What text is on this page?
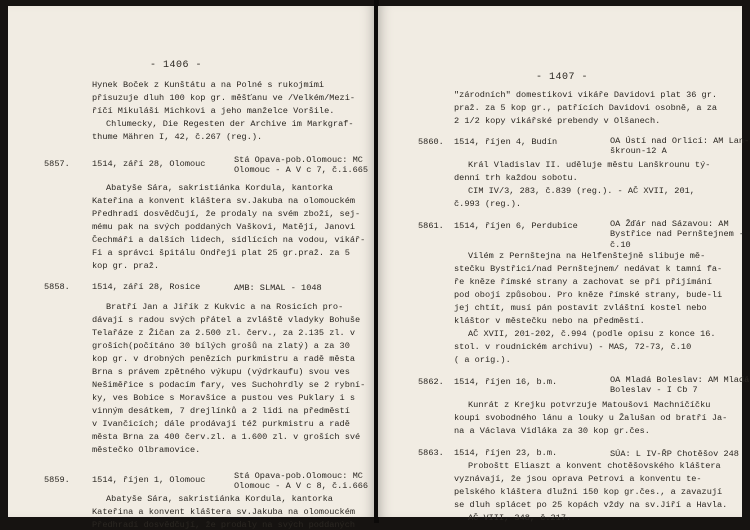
- 1406 -
Hynek Boček z Kunštátu a na Polné s rukojmími
přisuzuje dluh 100 kop gr. měšťanu ve /Velkém/Mezi-
říčí Mikuláši Michkovi a jeho manželce Voršile.
Chlumecky, Die Regesten der Archive im Markgraf-
thume Mähren I, 42, č.267 (reg.).
5857.	1514, září 28, Olomouc	Stá Opava-pob.Olomouc: MC
Olomouc - A V c 7, č.i.665
Abatyše Sára, sakristiánka Kordula, kantorka
Kateřina a konvent kláštera sv.Jakuba na olomouckém
Předhradí dosvědčují, že prodaly na svém zboží, sej-
mému pak na svých poddaných Vaškovi, Matějí, Janovi
Čechmáři a dalších lidech, sídlících na vodou, vikář-
Fi a správci špitálu Ondřeji plat 25 gr.praž. za 5
kop gr. praž.
5858.	1514, září 28, Rosice	AMB: SLMAL - 1048
Bratří Jan a Jiřík z Kukvic a na Rosicích pro-
dávají s radou svých přátel a zvláště vladyky Bohuše
Telařáze z Žičan za 2.500 zl. červ., za 2.135 zl. v
groších(počítáno 30 bílých grošů na zlatý) a za 30
kop gr. v drobných penězích purkmistru a radě města
Brna s právem zpětného výkupu (výdrkaufu) svou ves
Nešiměřice s podacím fary, ves Suchohrdly se 2 rybní-
ky, ves Bobice s Moravšice a pustou ves Puklary i s
vinným desátkem, 7 drejlínků a 2 lidi na předměstí
v Ivančicích; dále prodávají též purkmistru a radě
města Brna za 400 červ.zl. a 1.600 zl. v groších své
městečko Olbramovice.
5859.	1514, říjen 1, Olomouc	Stá Opava-pob.Olomouc: MC
Olomouc - A V c 8, č.i.666
Abatyše Sára, sakristiánka Kordula, kantorka
Kateřina a konvent kláštera sv.Jakuba na olomouckém
Předhradí dosvědčují, že prodaly na svých poddaných
- 1407 -
"zárodních" domestikovi vikáře Davidovi plat 36 gr.
praž. za 5 kop gr., patřících Davidovi osobně, a za
2 1/2 kopy vikářské prebendy v Olšanech.
5860. 1514, říjen 4, Budín	OA Ústí nad Orlicí: AM Lan-
škroun-12 A
Král Vladislav II. uděluje městu Lanškrounu tý-
denní trh každou sobotu.
CIM IV/3, 283, č.839 (reg.). - AČ XVII, 201,
č.993 (reg.).
5861. 1514, říjen 6, Perdubice	OA Žďár nad Sázavou: AM
Bystřice nad Pernštejnem -
č.10
Vilém z Pernštejna na Helfenštejně slibuje mě-
stečku Bystřici/nad Pernštejnem/ nedávat k tamní fa-
ře kněze římské strany a zachovat se při přijímání
pod obojí způsobou. Pro kněze římské strany, bude-li
jej chtít, musí pán postavit zvláštní kostel nebo
kláštor v městečku nebo na předměstí.
AČ XVII, 201-202, č.994 (podle opisu z konce 16.
stol. v roudnickém archivu) - MAS, 72-73, č.10
( a orig.).
5862. 1514, říjen 16, b.m.	OA Mladá Boleslav: AM Mladá
Boleslav - I Cb 7
Kunrát z Krejku potvrzuje Matoušovi Machničíčku
koupi svobodného lánu a louky u Žalušan od bratří Ja-
na a Václava Vidláka za 30 kop gr.čes.
5863. 1514, říjen 23, b.m.	SÚA: L IV-ŘP Chotěšov 248
Proboštt Eliaszt a konvent chotěšovského kláštera
vyznávají, že jsou oprava Petrovi a konventu te-
pelského kláštera dlužni 150 kop gr.čes., a zavazují
se dluh splácet po 25 kopách vždy na sv.Jiří a Havla.
AČ VIII, 348, č.217.
